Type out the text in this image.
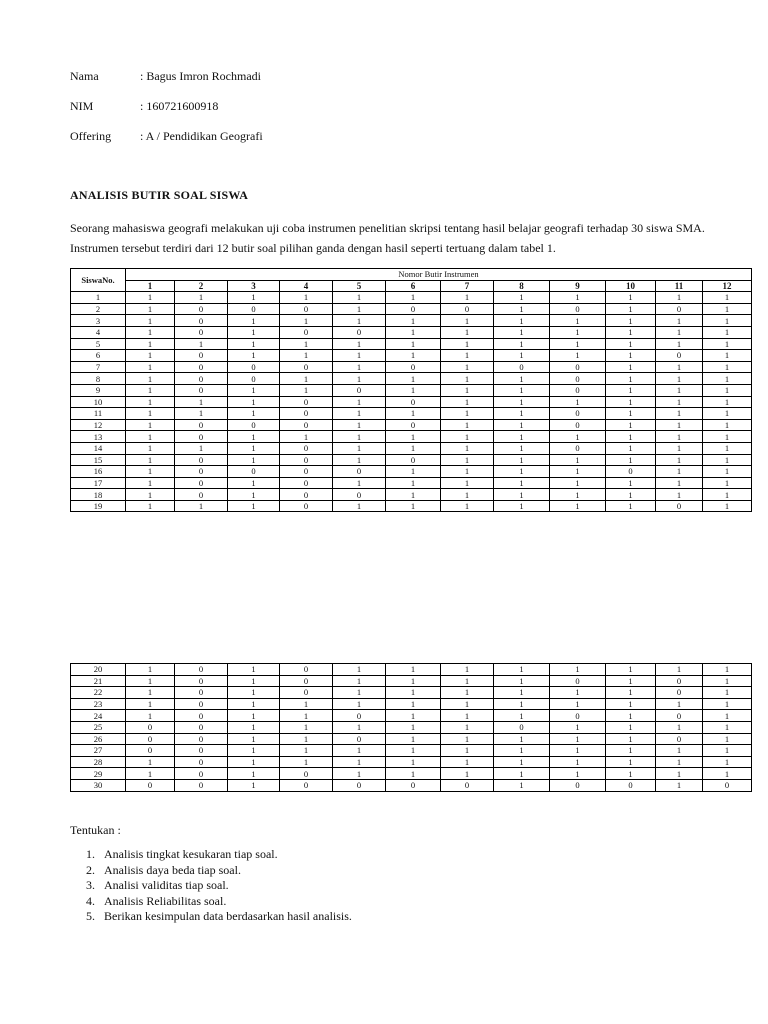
Nama	: Bagus Imron Rochmadi
NIM	: 160721600918
Offering	: A / Pendidikan Geografi
ANALISIS BUTIR SOAL SISWA

Seorang mahasiswa geografi melakukan uji coba instrumen penelitian skripsi tentang hasil belajar geografi terhadap 30 siswa SMA.

Instrumen tersebut terdiri dari 12 butir soal pilihan ganda dengan hasil seperti tertuang dalam tabel 1.

SiswaNo.	Nomor Butir Instrumen											
	1	2	3	4	5	6	7	8	9	10	11	12
1	1	1	1	1	1	1	1	1	1	1	1	1
2	1	0	0	0	1	0	0	1	0	1	0	1
3	1	0	1	1	1	1	1	1	1	1	1	1
4	1	0	1	0	0	1	1	1	1	1	1	1
5	1	1	1	1	1	1	1	1	1	1	1	1
6	1	0	1	1	1	1	1	1	1	1	0	1
7	1	0	0	0	1	0	1	0	0	1	1	1
8	1	0	0	1	1	1	1	1	0	1	1	1
9	1	0	1	1	0	1	1	1	0	1	1	1
10	1	1	1	0	1	0	1	1	1	1	1	1
11	1	1	1	0	1	1	1	1	0	1	1	1
12	1	0	0	0	1	0	1	1	0	1	1	1
13	1	0	1	1	1	1	1	1	1	1	1	1
14	1	1	1	0	1	1	1	1	0	1	1	1
15	1	0	1	0	1	0	1	1	1	1	1	1
16	1	0	0	0	0	1	1	1	1	0	1	1
17	1	0	1	0	1	1	1	1	1	1	1	1
18	1	0	1	0	0	1	1	1	1	1	1	1
19	1	1	1	0	1	1	1	1	1	1	0	1
20	1	0	1	0	1	1	1	1	1	1	1	1
21	1	0	1	0	1	1	1	1	0	1	0	1
22	1	0	1	0	1	1	1	1	1	1	0	1
23	1	0	1	1	1	1	1	1	1	1	1	1
24	1	0	1	1	0	1	1	1	0	1	0	1
25	0	0	1	1	1	1	1	0	1	1	1	1
26	0	0	1	1	0	1	1	1	1	1	0	1
27	0	0	1	1	1	1	1	1	1	1	1	1
28	1	0	1	1	1	1	1	1	1	1	1	1
29	1	0	1	0	1	1	1	1	1	1	1	1
30	0	0	1	0	0	0	0	1	0	0	1	0
Tentukan :
1. Analisis tingkat kesukaran tiap soal.
2. Analisis daya beda tiap soal.
3. Analisi validitas tiap soal.
4. Analisis Reliabilitas soal.
5. Berikan kesimpulan data berdasarkan hasil analisis.
